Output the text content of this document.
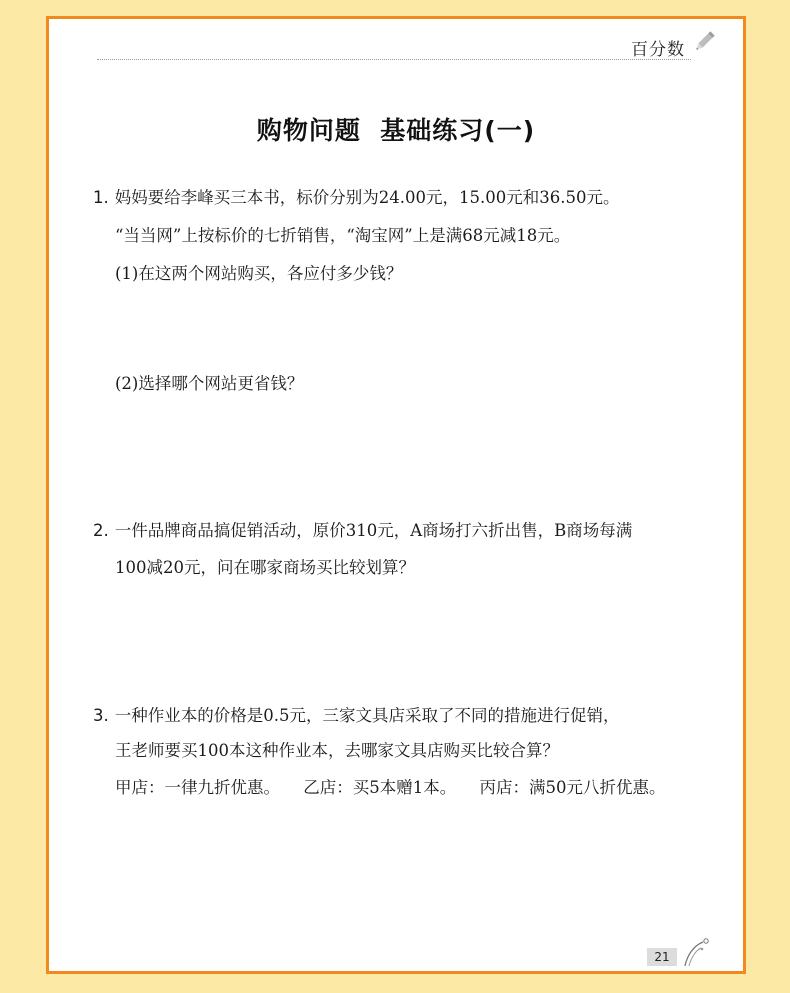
百分数
购物问题  基础练习(一)
1. 妈妈要给李峰买三本书，标价分别为24.00元，15.00元和36.50元。
“当当网”上按标价的七折销售，“淘宝网”上是满68元减18元。
(1)在这两个网站购买，各应付多少钱？
(2)选择哪个网站更省钱？
2. 一件品牌商品搞促销活动，原价310元，A商场打六折出售，B商场每满
100减20元，问在哪家商场买比较划算？
3. 一种作业本的价格是0.5元，三家文具店采取了不同的措施进行促销，
王老师要买100本这种作业本，去哪家文具店购买比较合算？
甲店：一律九折优惠。 乙店：买5本赠1本。 丙店：满50元八折优惠。
21
